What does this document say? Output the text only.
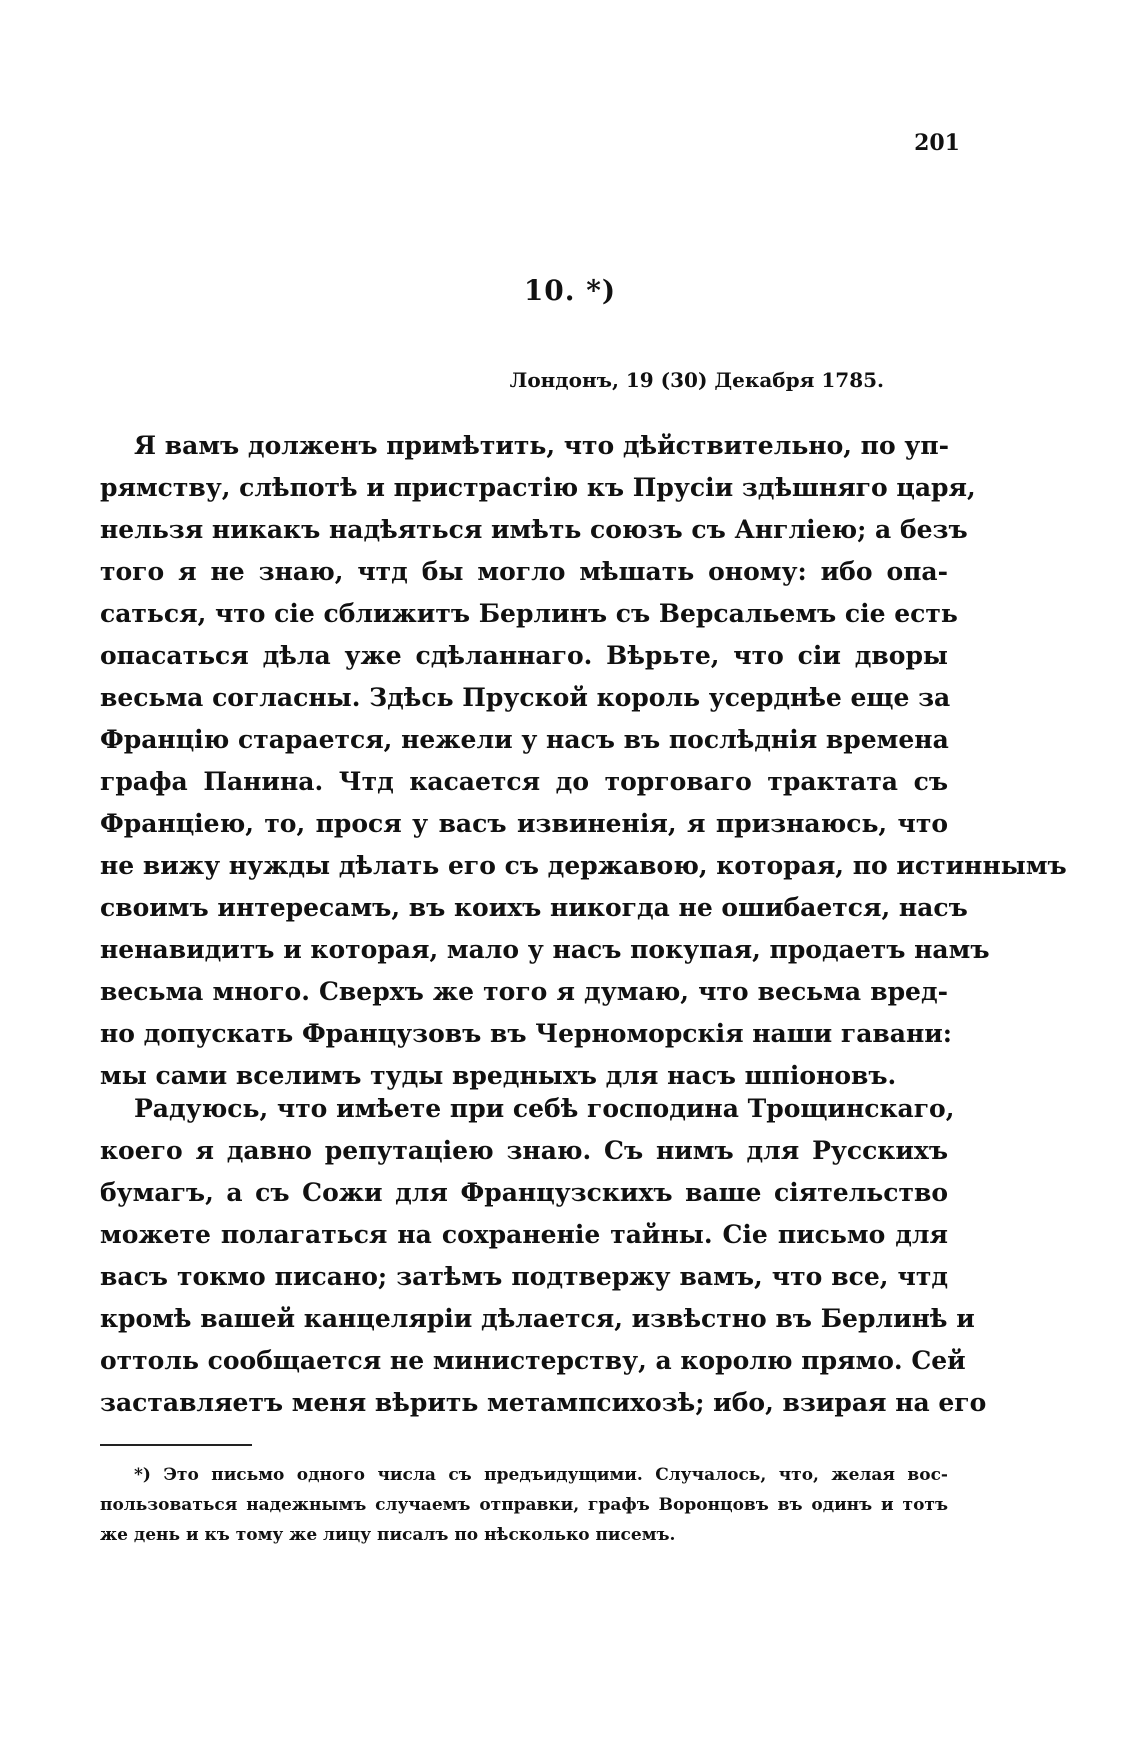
201
10. *)
Лондонъ, 19 (30) Декабря 1785.
Я вамъ долженъ примѣтить, что дѣйствительно, по уп-
рямству, слѣпотѣ и пристрастію къ Прусіи здѣшняго царя,
нельзя никакъ надѣяться имѣть союзъ съ Англіею; а безъ
того я не знаю, чтд бы могло мѣшать оному: ибо опа-
саться, что сіе сближитъ Берлинъ съ Версальемъ сіе есть
опасаться дѣла уже сдѣланнаго. Вѣрьте, что сіи дворы
весьма согласны. Здѣсь Пруской король усерднѣе еще за
Францію старается, нежели у насъ въ послѣднія времена
графа Панина. Чтд касается до торговаго трактата съ
Франціею, то, прося у васъ извиненія, я признаюсь, что
не вижу нужды дѣлать его съ державою, которая, по истиннымъ
своимъ интересамъ, въ коихъ никогда не ошибается, насъ
ненавидитъ и которая, мало у насъ покупая, продаетъ намъ
весьма много. Сверхъ же того я думаю, что весьма вред-
но допускать Французовъ въ Черноморскія наши гавани:
мы сами вселимъ туды вредныхъ для насъ шпіоновъ.
Радуюсь, что имѣете при себѣ господина Трощинскаго,
коего я давно репутаціею знаю. Съ нимъ для Русскихъ
бумагъ, а съ Сожи для Французскихъ ваше сіятельство
можете полагаться на сохраненіе тайны. Сіе письмо для
васъ токмо писано; затѣмъ подтвержу вамъ, что все, чтд
кромѣ вашей канцеляріи дѣлается, извѣстно въ Берлинѣ и
оттоль сообщается не министерству, а королю прямо. Сей
заставляетъ меня вѣрить метампсихозѣ; ибо, взирая на его
*) Это письмо одного числа съ предъидущими. Случалось, что, желая вос-
пользоваться надежнымъ случаемъ отправки, графъ Воронцовъ въ одинъ и тотъ
же день и къ тому же лицу писалъ по нѣсколько писемъ.
